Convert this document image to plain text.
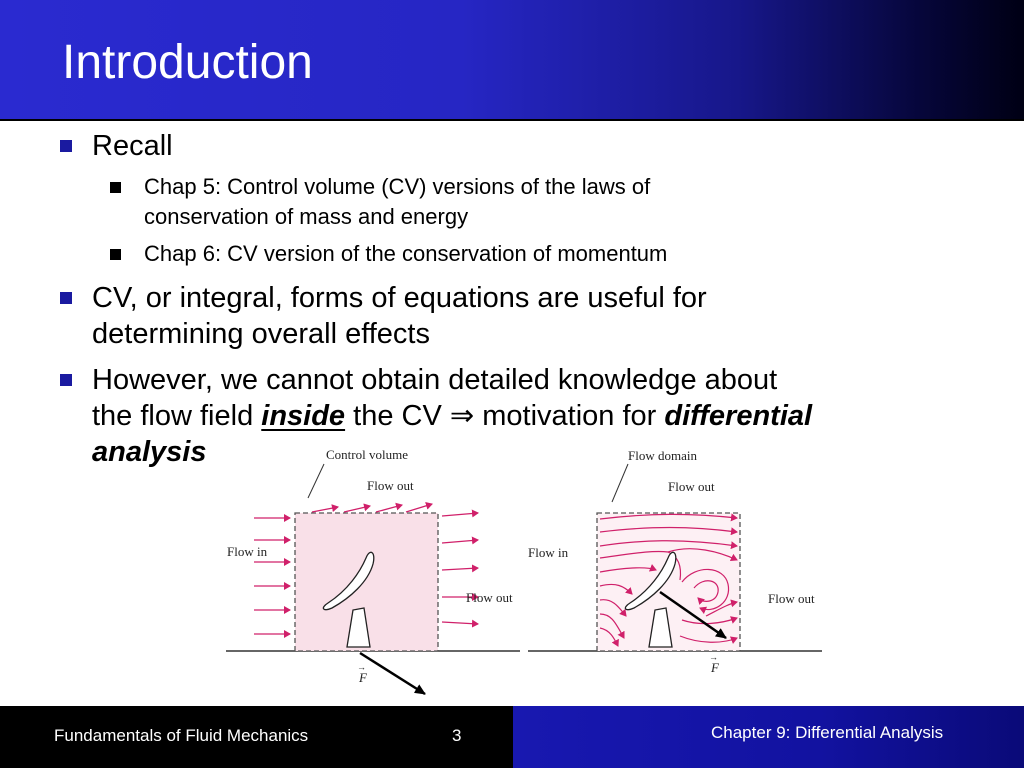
Introduction
Recall
Chap 5: Control volume (CV) versions of the laws of
conservation of mass and energy
Chap 6: CV version of the conservation of momentum
CV, or integral, forms of equations are useful for
determining overall effects
However, we cannot obtain detailed knowledge about
the flow field inside the CV ⇒ motivation for differential
analysis	Control volume
Flow out
Flow in
Flow out
F
→
Flow domain
Flow out
Flow in
Flow out
F
→
Fundamentals of Fluid Mechanics	3	Chapter 9: Differential Analysis
